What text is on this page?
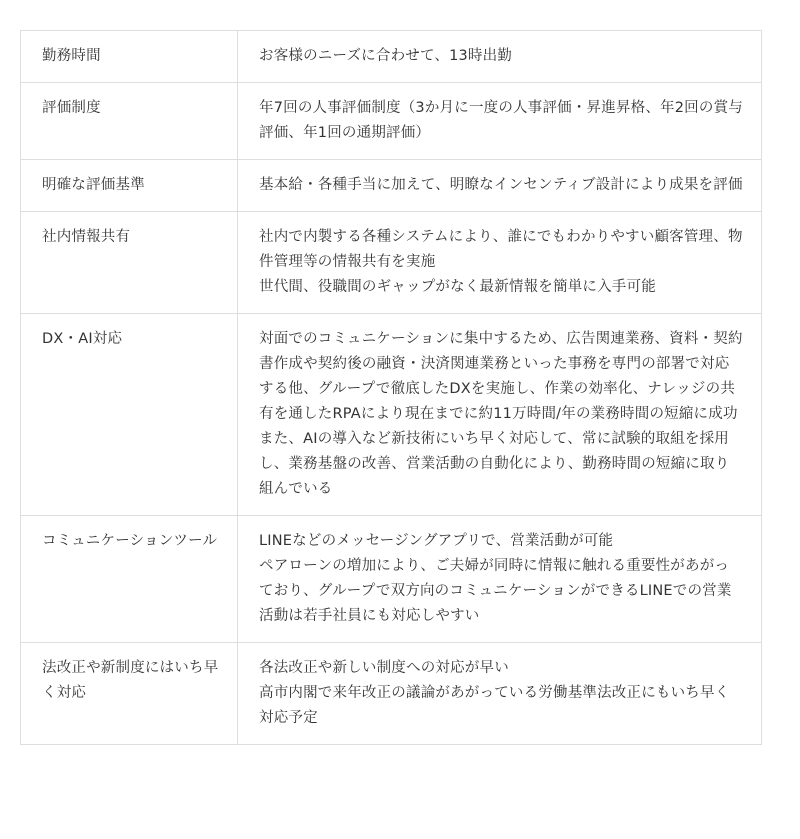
勤務時間	お客様のニーズに合わせて、13時出勤

評価制度	年7回の人事評価制度（3か月に一度の人事評価・昇進昇格、年2回の賞与評価、年1回の通期評価）

明確な評価基準	基本給・各種手当に加えて、明瞭なインセンティブ設計により成果を評価

社内情報共有	社内で内製する各種システムにより、誰にでもわかりやすい顧客管理、物件管理等の情報共有を実施
世代間、役職間のギャップがなく最新情報を簡単に入手可能

DX・AI対応	対面でのコミュニケーションに集中するため、広告関連業務、資料・契約書作成や契約後の融資・決済関連業務といった事務を専門の部署で対応する他、グループで徹底したDXを実施し、作業の効率化、ナレッジの共有を通したRPAにより現在までに約11万時間/年の業務時間の短縮に成功
また、AIの導入など新技術にいち早く対応して、常に試験的取組を採用し、業務基盤の改善、営業活動の自動化により、勤務時間の短縮に取り組んでいる

コミュニケーションツール	LINEなどのメッセージングアプリで、営業活動が可能
ペアローンの増加により、ご夫婦が同時に情報に触れる重要性があがっており、グループで双方向のコミュニケーションができるLINEでの営業活動は若手社員にも対応しやすい

法改正や新制度にはいち早く対応	各法改正や新しい制度への対応が早い
高市内閣で来年改正の議論があがっている労働基準法改正にもいち早く対応予定
